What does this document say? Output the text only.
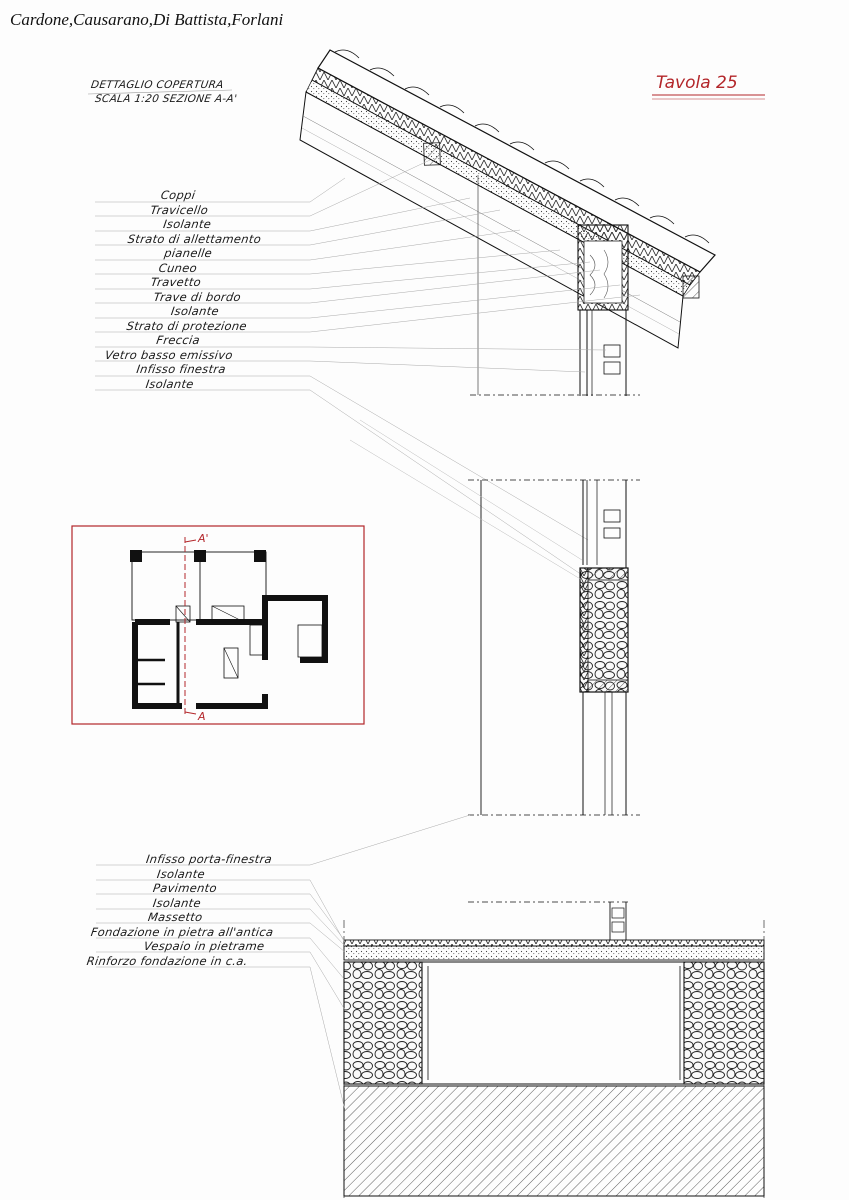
Cardone,Causarano,Di Battista,Forlani
DETTAGLIO COPERTURA
SCALA 1:20 SEZIONE A-A'
Tavola 25
Coppi
Travicello
Isolante
Strato di allettamento
pianelle
Cuneo
Travetto
Trave di bordo
Isolante
Strato di protezione
Freccia
Vetro basso emissivo
Infisso finestra
Isolante
Infisso porta-finestra
Isolante
Pavimento
Isolante
Massetto
Fondazione in pietra all'antica
Vespaio in pietrame
Rinforzo fondazione in c.a.
A'
A
